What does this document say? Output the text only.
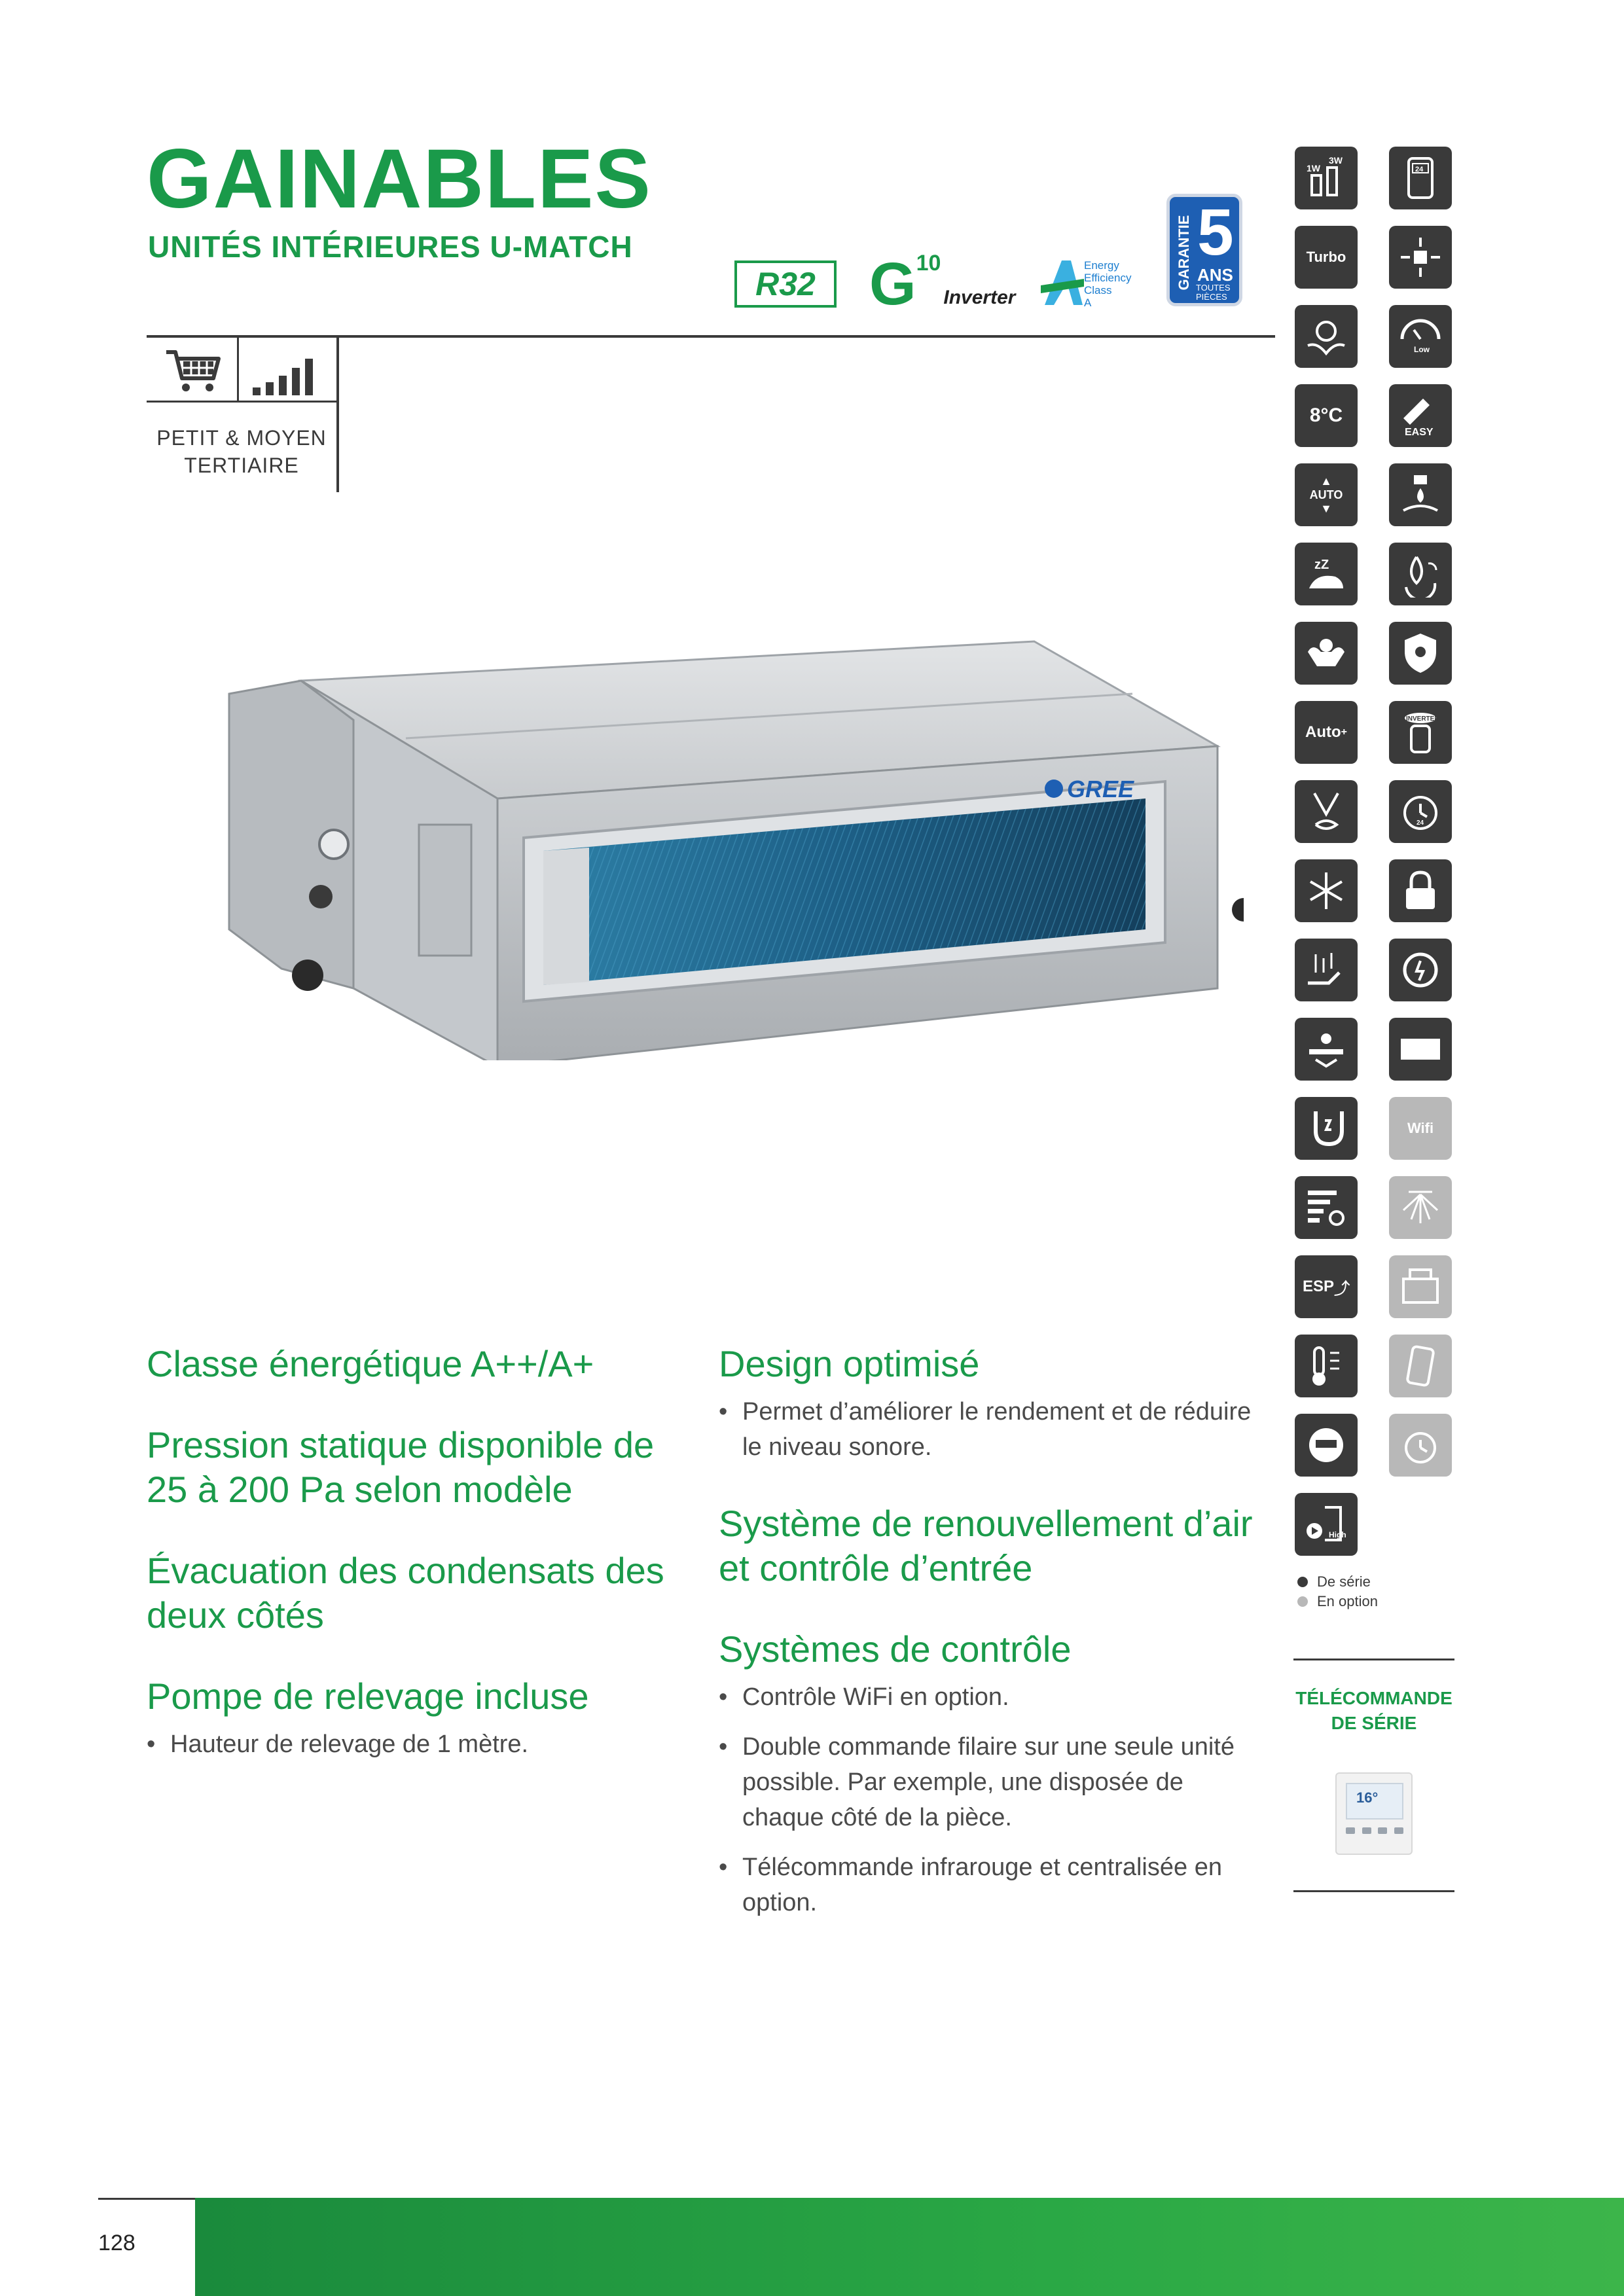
GAINABLES
UNITÉS INTÉRIEURES U-MATCH
R32 G 10
Inverter
Energy
Efficiency
Class
A
GARANTIE 5
ANS
TOUTES PIÈCES
PETIT & MOYEN
TERTIAIRE
GREE
Classe énergétique A++/A+
Pression statique disponible de 25 à 200 Pa selon modèle
Évacuation des condensats des deux côtés
Pompe de relevage incluse
• Hauteur de relevage de 1 mètre.
Design optimisé
• Permet d’améliorer le rendement et de réduire le niveau sonore.
Système de renouvellement d’air et contrôle d’entrée
Systèmes de contrôle
• Contrôle WiFi en option.
• Double commande filaire sur une seule unité possible. Par exemple, une disposée de chaque côté de la pièce.
• Télécommande infrarouge et centralisée en option.
1W
3W
Turbo
8°C
▲
AUTO
▼
zZ
Auto +
ESP ⤴
High
24
Low
EASY
INVERTER
24
Wifi
De série
En option
TÉLÉCOMMANDE
DE SÉRIE
16°
128
